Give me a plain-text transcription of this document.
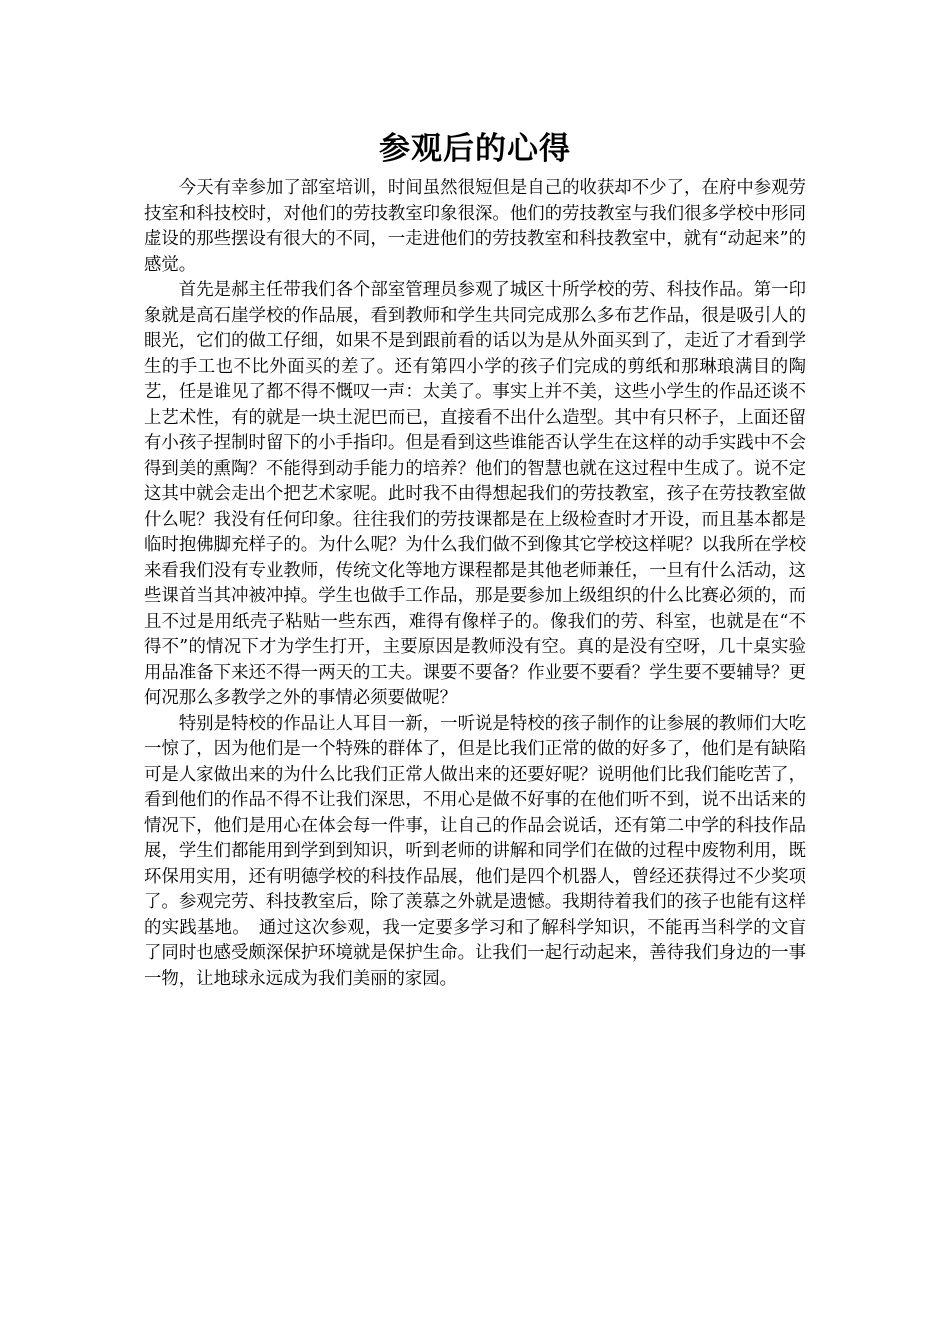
参观后的心得

今天有幸参加了部室培训，时间虽然很短但是自己的收获却不少了，在府中参观劳技室和科技校时，对他们的劳技教室印象很深。他们的劳技教室与我们很多学校中形同虚设的那些摆设有很大的不同，一走进他们的劳技教室和科技教室中，就有“动起来”的感觉。

首先是郝主任带我们各个部室管理员参观了城区十所学校的劳、科技作品。第一印象就是高石崖学校的作品展，看到教师和学生共同完成那么多布艺作品，很是吸引人的眼光，它们的做工仔细，如果不是到跟前看的话以为是从外面买到了，走近了才看到学生的手工也不比外面买的差了。还有第四小学的孩子们完成的剪纸和那琳琅满目的陶艺，任是谁见了都不得不慨叹一声：太美了。事实上并不美，这些小学生的作品还谈不上艺术性，有的就是一块土泥巴而已，直接看不出什么造型。其中有只杯子，上面还留有小孩子捏制时留下的小手指印。但是看到这些谁能否认学生在这样的动手实践中不会得到美的熏陶？不能得到动手能力的培养？他们的智慧也就在这过程中生成了。说不定这其中就会走出个把艺术家呢。此时我不由得想起我们的劳技教室，孩子在劳技教室做什么呢？我没有任何印象。往往我们的劳技课都是在上级检查时才开设，而且基本都是临时抱佛脚充样子的。为什么呢？为什么我们做不到像其它学校这样呢？以我所在学校来看我们没有专业教师，传统文化等地方课程都是其他老师兼任，一旦有什么活动，这些课首当其冲被冲掉。学生也做手工作品，那是要参加上级组织的什么比赛必须的，而且不过是用纸壳子粘贴一些东西，难得有像样子的。像我们的劳、科室，也就是在“不得不”的情况下才为学生打开，主要原因是教师没有空。真的是没有空呀，几十桌实验用品准备下来还不得一两天的工夫。课要不要备？作业要不要看？学生要不要辅导？更何况那么多教学之外的事情必须要做呢？

特别是特校的作品让人耳目一新，一听说是特校的孩子制作的让参展的教师们大吃一惊了，因为他们是一个特殊的群体了，但是比我们正常的做的好多了，他们是有缺陷可是人家做出来的为什么比我们正常人做出来的还要好呢？说明他们比我们能吃苦了，看到他们的作品不得不让我们深思，不用心是做不好事的在他们听不到，说不出话来的情况下，他们是用心在体会每一件事，让自己的作品会说话，还有第二中学的科技作品展，学生们都能用到学到到知识，听到老师的讲解和同学们在做的过程中废物利用，既环保用实用，还有明德学校的科技作品展，他们是四个机器人，曾经还获得过不少奖项了。参观完劳、科技教室后，除了羡慕之外就是遗憾。我期待着我们的孩子也能有这样的实践基地。　通过这次参观，我一定要多学习和了解科学知识，不能再当科学的文盲了同时也感受颇深保护环境就是保护生命。让我们一起行动起来，善待我们身边的一事一物，让地球永远成为我们美丽的家园。
